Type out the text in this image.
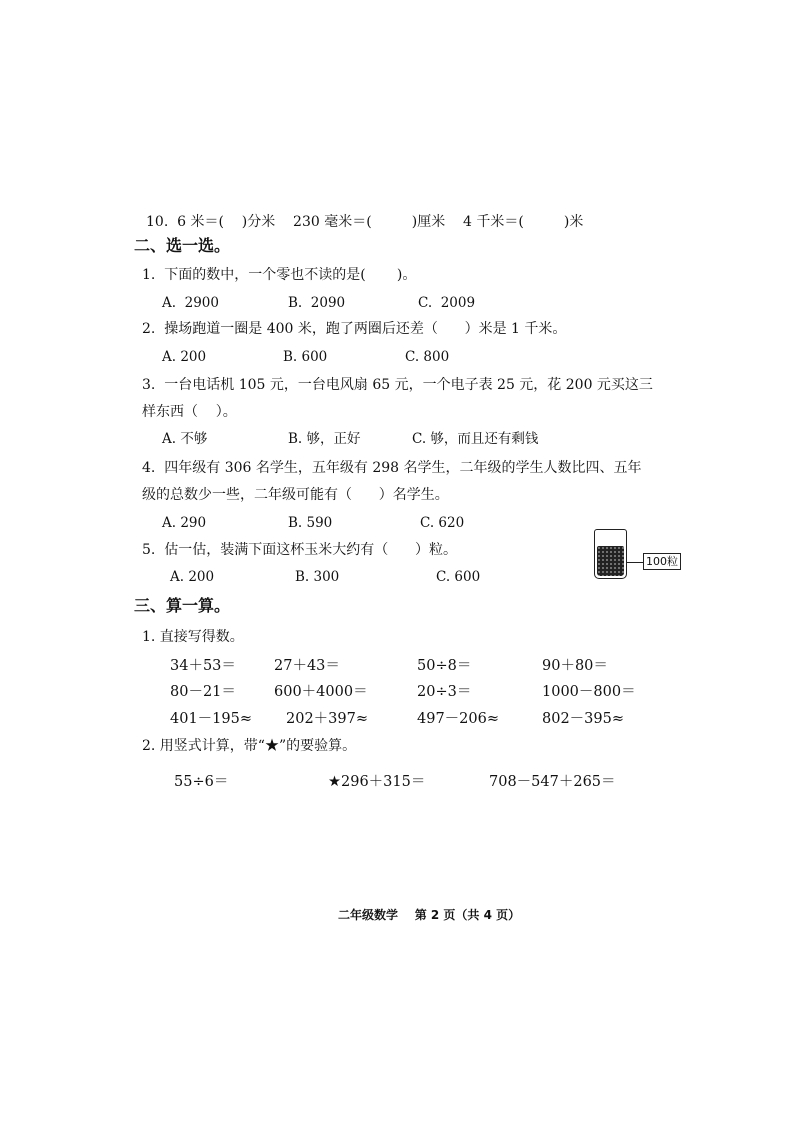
10.  6 米＝(    )分米    230 毫米＝(         )厘米    4 千米＝(         )米
二、选一选。
1.  下面的数中，一个零也不读的是(       )。
A.  2900	B.  2090	C.  2009
2.  操场跑道一圈是 400 米，跑了两圈后还差（      ）米是 1 千米。
A. 200	B. 600	C. 800
3.  一台电话机 105 元，一台电风扇 65 元，一个电子表 25 元，花 200 元买这三
样东西（    ）。
A. 不够	B. 够，正好	C. 够，而且还有剩钱
4.  四年级有 306 名学生，五年级有 298 名学生，二年级的学生人数比四、五年
级的总数少一些，二年级可能有（      ）名学生。
A. 290	B. 590	C. 620
5.  估一估，装满下面这杯玉米大约有（      ）粒。
A. 200	B. 300	C. 600
100粒
三、算一算。
1. 直接写得数。
34＋53＝	27＋43＝	50÷8＝	90＋80＝
80－21＝	600＋4000＝	20÷3＝	1000－800＝
401－195≈ 202＋397≈	497－206≈	802－395≈
2. 用竖式计算，带“★”的要验算。
55÷6＝	★296＋315＝	708－547＋265＝
二年级数学    第 2 页（共 4 页）
